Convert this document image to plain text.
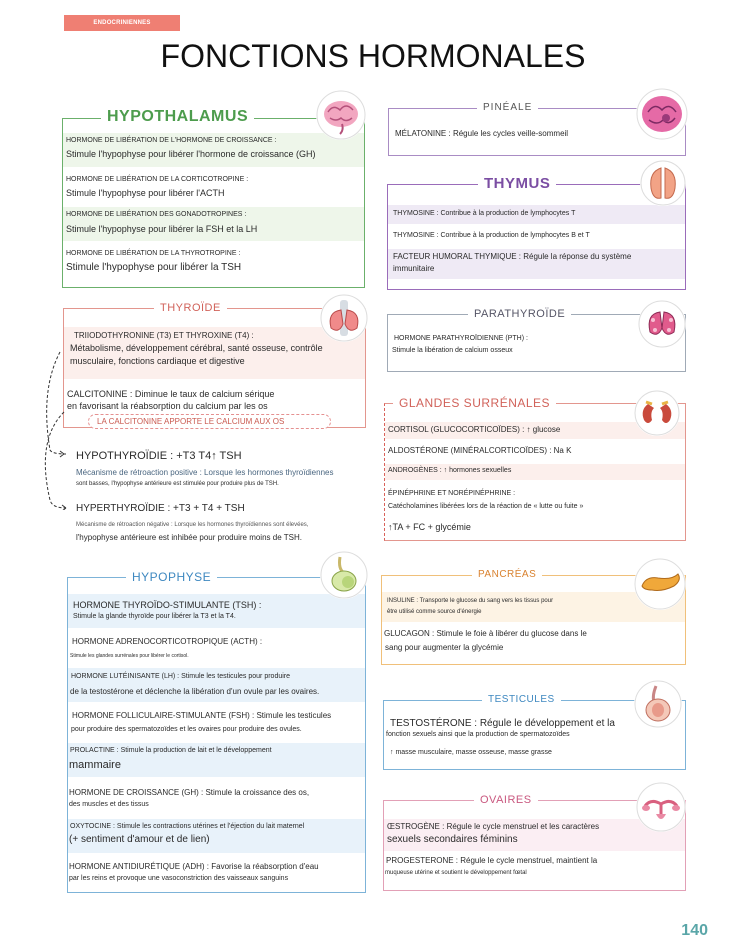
ENDOCRINIENNES
FONCTIONS HORMONALES
HYPOTHALAMUS
HORMONE DE LIBÉRATION DE L'HORMONE DE CROISSANCE :
Stimule l'hypophyse pour libérer l'hormone de croissance (GH)
HORMONE DE LIBÉRATION DE LA CORTICOTROPINE :
Stimule l'hypophyse pour libérer l'ACTH
HORMONE DE LIBÉRATION DES GONADOTROPINES :
Stimule l'hypophyse pour libérer la FSH et la LH
HORMONE DE LIBÉRATION DE LA THYROTROPINE :
Stimule l'hypophyse pour libérer la TSH
PINÉALE
MÉLATONINE : Régule les cycles veille-sommeil
THYMUS
THYMOSINE : Contribue à la production de lymphocytes T
THYMOSINE : Contribue à la production de lymphocytes B et T
FACTEUR HUMORAL THYMIQUE : Régule la réponse du système
immunitaire
THYROÏDE
TRIIODOTHYRONINE (T3) ET THYROXINE (T4) :
Métabolisme, développement cérébral, santé osseuse, contrôle
musculaire, fonctions cardiaque et digestive
CALCITONINE : Diminue le taux de calcium sérique
en favorisant la réabsorption du calcium par les os
LA CALCITONINE APPORTE LE CALCIUM AUX OS
HYPOTHYROÏDIE : +T3 T4↑ TSH
Mécanisme de rétroaction positive : Lorsque les hormones thyroïdiennes
sont basses, l'hypophyse antérieure est stimulée pour produire plus de TSH.
HYPERTHYROÏDIE : +T3 + T4 + TSH
Mécanisme de rétroaction négative : Lorsque les hormones thyroïdiennes sont élevées,
l'hypophyse antérieure est inhibée pour produire moins de TSH.
PARATHYROÏDE
HORMONE PARATHYROÏDIENNE (PTH) :
Stimule la libération de calcium osseux
GLANDES SURRÉNALES
CORTISOL (GLUCOCORTICOÏDES) : ↑ glucose
ALDOSTÉRONE (MINÉRALCORTICOÏDES) : Na K
ANDROGÈNES : ↑ hormones sexuelles
ÉPINÉPHRINE ET NORÉPINÉPHRINE :
Catécholamines libérées lors de la réaction de « lutte ou fuite »
↑TA + FC + glycémie
HYPOPHYSE
HORMONE THYROÏDO-STIMULANTE (TSH) :
Stimule la glande thyroïde pour libérer la T3 et la T4.
HORMONE ADRENOCORTICOTROPIQUE (ACTH) :
Stimule les glandes surrénales pour libérer le cortisol.
HORMONE LUTÉINISANTE (LH) : Stimule les testicules pour produire
de la testostérone et déclenche la libération d'un ovule par les ovaires.
HORMONE FOLLICULAIRE-STIMULANTE (FSH) : Stimule les testicules
pour produire des spermatozoïdes et les ovaires pour produire des ovules.
PROLACTINE : Stimule la production de lait et le développement
mammaire
HORMONE DE CROISSANCE (GH) : Stimule la croissance des os,
des muscles et des tissus
OXYTOCINE : Stimule les contractions utérines et l'éjection du lait maternel
(+ sentiment d'amour et de lien)
HORMONE ANTIDIURÉTIQUE (ADH) : Favorise la réabsorption d'eau
par les reins et provoque une vasoconstriction des vaisseaux sanguins
PANCRÉAS
INSULINE : Transporte le glucose du sang vers les tissus pour
être utilisé comme source d'énergie
GLUCAGON : Stimule le foie à libérer du glucose dans le
sang pour augmenter la glycémie
TESTICULES
TESTOSTÉRONE : Régule le développement et la
fonction sexuels ainsi que la production de spermatozoïdes
↑ masse musculaire, masse osseuse, masse grasse
OVAIRES
ŒSTROGÈNE : Régule le cycle menstruel et les caractères
sexuels secondaires féminins
PROGESTERONE : Régule le cycle menstruel, maintient la
muqueuse utérine et soutient le développement fœtal
140
